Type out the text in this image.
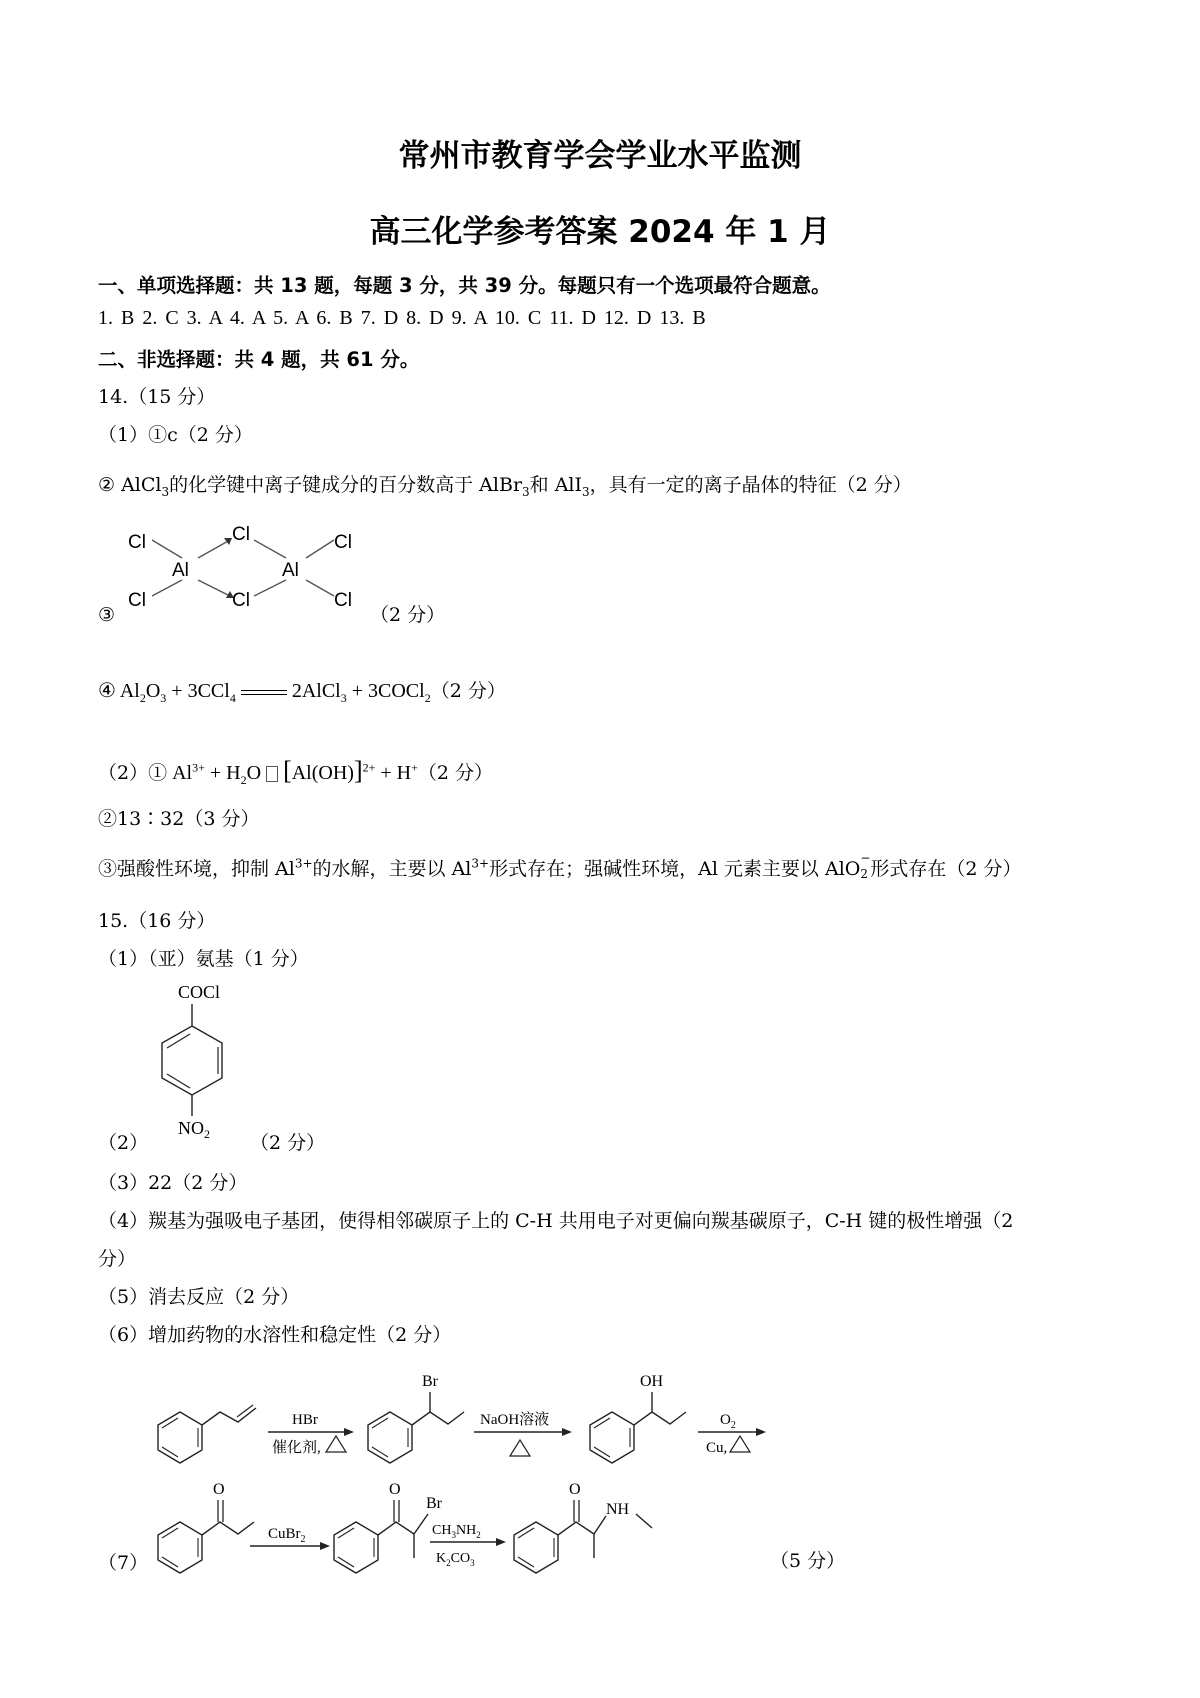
常州市教育学会学业水平监测
高三化学参考答案 2024 年 1 月
一、单项选择题：共 13 题，每题 3 分，共 39 分。每题只有一个选项最符合题意。
1. B 2. C 3. A 4. A 5. A 6. B 7. D 8. D 9. A 10. C 11. D 12. D 13. B
二、非选择题：共 4 题，共 61 分。
14.（15 分）
（1）①c（2 分）
② AlCl$_3$的化学键中离子键成分的百分数高于 AlBr$_3$和 AlI$_3$，具有一定的离子晶体的特征（2 分）
Cl	Cl	Cl
Al	Al
Cl	Cl	Cl
③	（2 分）
④ $Al_2O_3 + 3CCl_4$	2AlCl$_3$ + 3COCl$_2$（2 分）
（2）① $Al^{3+} + H_2O$  $[Al(OH)]^{2+} + H^+(2$ 分）
②13∶32（3 分）
③强酸性环境，抑制 $Al^{3+}$的水解，主要以 $Al^{3+}$形式存在；强碱性环境，Al 元素主要以 AlO −
2 形式存在（2 分）
15.（16 分）
（1）（亚）氨基（1 分）
COCl
$NO_2$
（2）	（2 分）
（3）22（2 分）
（4）羰基为强吸电子基团，使得相邻碳原子上的 C-H 共用电子对更偏向羰基碳原子，C-H 键的极性增强（2
分）
（5）消去反应（2 分）
（6）增加药物的水溶性和稳定性（2 分）
HBr
催化剂,
Br
NaOH溶液
OH
$O_2$
Cu,
O
CuBr$_2$
O
Br
$CH_3NH_2$
$K_2CO_3$
O
NH
（7）	（5 分）
